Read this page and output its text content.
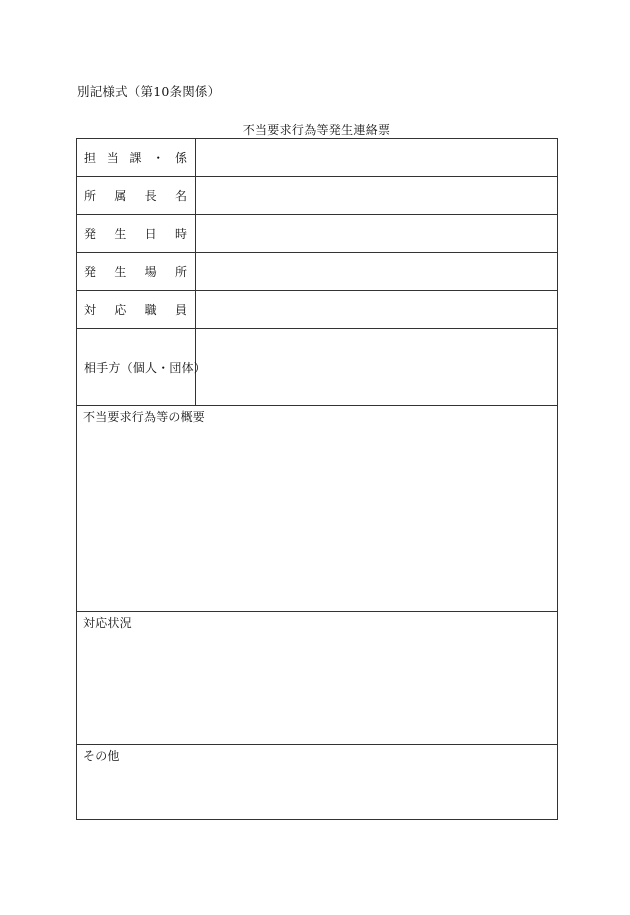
別記様式（第10条関係）
不当要求行為等発生連絡票
担 当 課 ・ 係	

所 属 長 名	

発 生 日 時	

発 生 場 所	

対 応 職 員	

相手方（個人・団体）	

不当要求行為等の概要	

対応状況	

その他	
